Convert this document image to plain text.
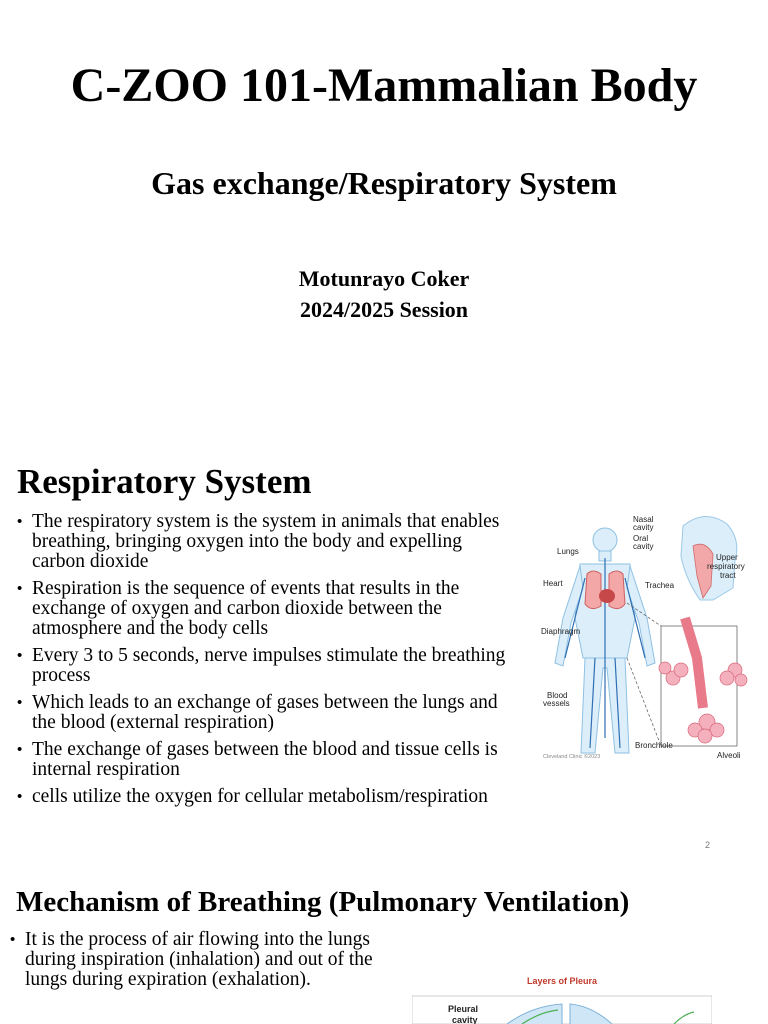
C-ZOO 101-Mammalian Body
Gas exchange/Respiratory System
Motunrayo Coker
2024/2025 Session
Respiratory System
• The respiratory system is the system in animals that enables breathing, bringing oxygen into the body and expelling carbon dioxide
• Respiration is the sequence of events that results in the exchange of oxygen and carbon dioxide between the atmosphere and the body cells
• Every 3 to 5 seconds, nerve impulses stimulate the breathing process
• Which leads to an exchange of gases between the lungs and the blood (external respiration)
• The exchange of gases between the blood and tissue cells is internal respiration
• cells utilize the oxygen for cellular metabolism/respiration
Nasal
cavity
Oral
cavity
Lungs
Heart	Trachea
Upper
respiratory
tract
Diaphragm
Blood
vessels
Bronchiole
Alveoli
Cleveland Clinic ©2023
2
Mechanism of Breathing (Pulmonary Ventilation)
• It is the process of air flowing into the lungs during inspiration (inhalation) and out of the lungs during expiration (exhalation).	Layers of Pleura
Pleural
cavity
